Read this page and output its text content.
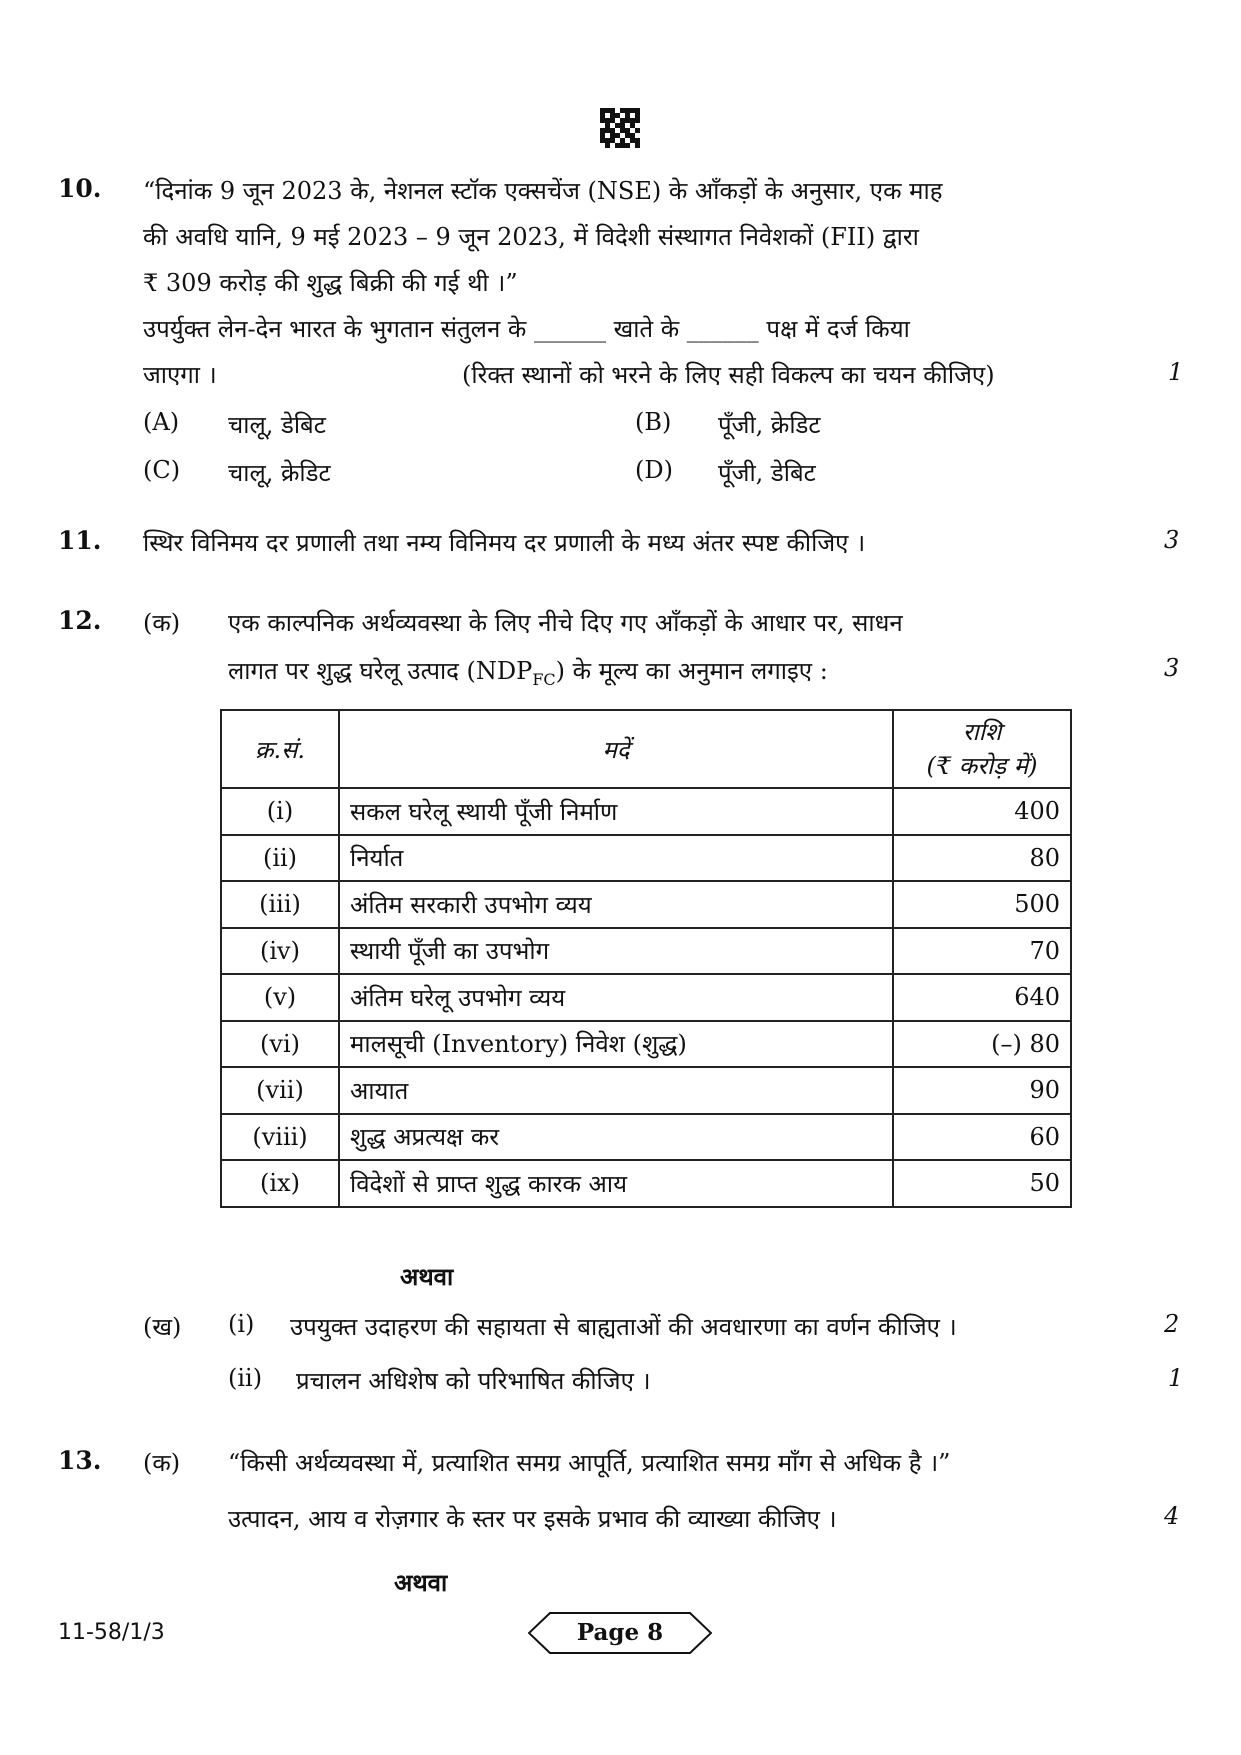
10. “दिनांक 9 जून 2023 के, नेशनल स्टॉक एक्सचेंज (NSE) के आँकड़ों के अनुसार, एक माह
की अवधि यानि, 9 मई 2023 – 9 जून 2023, में विदेशी संस्थागत निवेशकों (FII) द्वारा
₹ 309 करोड़ की शुद्ध बिक्री की गई थी ।”
उपर्युक्त लेन-देन भारत के भुगतान संतुलन के ______ खाते के ______ पक्ष में दर्ज किया
जाएगा ।	(रिक्त स्थानों को भरने के लिए सही विकल्प का चयन कीजिए)	1
(A) चालू, डेबिट	(B) पूँजी, क्रेडिट
(C) चालू, क्रेडिट	(D) पूँजी, डेबिट
11. स्थिर विनिमय दर प्रणाली तथा नम्य विनिमय दर प्रणाली के मध्य अंतर स्पष्ट कीजिए ।	3
12. (क) एक काल्पनिक अर्थव्यवस्था के लिए नीचे दिए गए आँकड़ों के आधार पर, साधन
लागत पर शुद्ध घरेलू उत्पाद $(NDP_{FC})$ के मूल्य का अनुमान लगाइए :	3
क्र.सं.	मदें	राशि
(₹ करोड़ में)

(i)	सकल घरेलू स्थायी पूँजी निर्माण	400
(ii)	निर्यात	80
(iii)	अंतिम सरकारी उपभोग व्यय	500
(iv)	स्थायी पूँजी का उपभोग	70
(v)	अंतिम घरेलू उपभोग व्यय	640
(vi)	मालसूची (Inventory) निवेश (शुद्ध)	(–) 80
(vii)	आयात	90
(viii)	शुद्ध अप्रत्यक्ष कर	60
(ix)	विदेशों से प्राप्त शुद्ध कारक आय	50
अथवा
(ख) (i) उपयुक्त उदाहरण की सहायता से बाह्यताओं की अवधारणा का वर्णन कीजिए ।	2
(ii) प्रचालन अधिशेष को परिभाषित कीजिए ।	1
13. (क) “किसी अर्थव्यवस्था में, प्रत्याशित समग्र आपूर्ति, प्रत्याशित समग्र माँग से अधिक है ।”
उत्पादन, आय व रोज़गार के स्तर पर इसके प्रभाव की व्याख्या कीजिए ।	4
अथवा
11-58/1/3	Page 8
